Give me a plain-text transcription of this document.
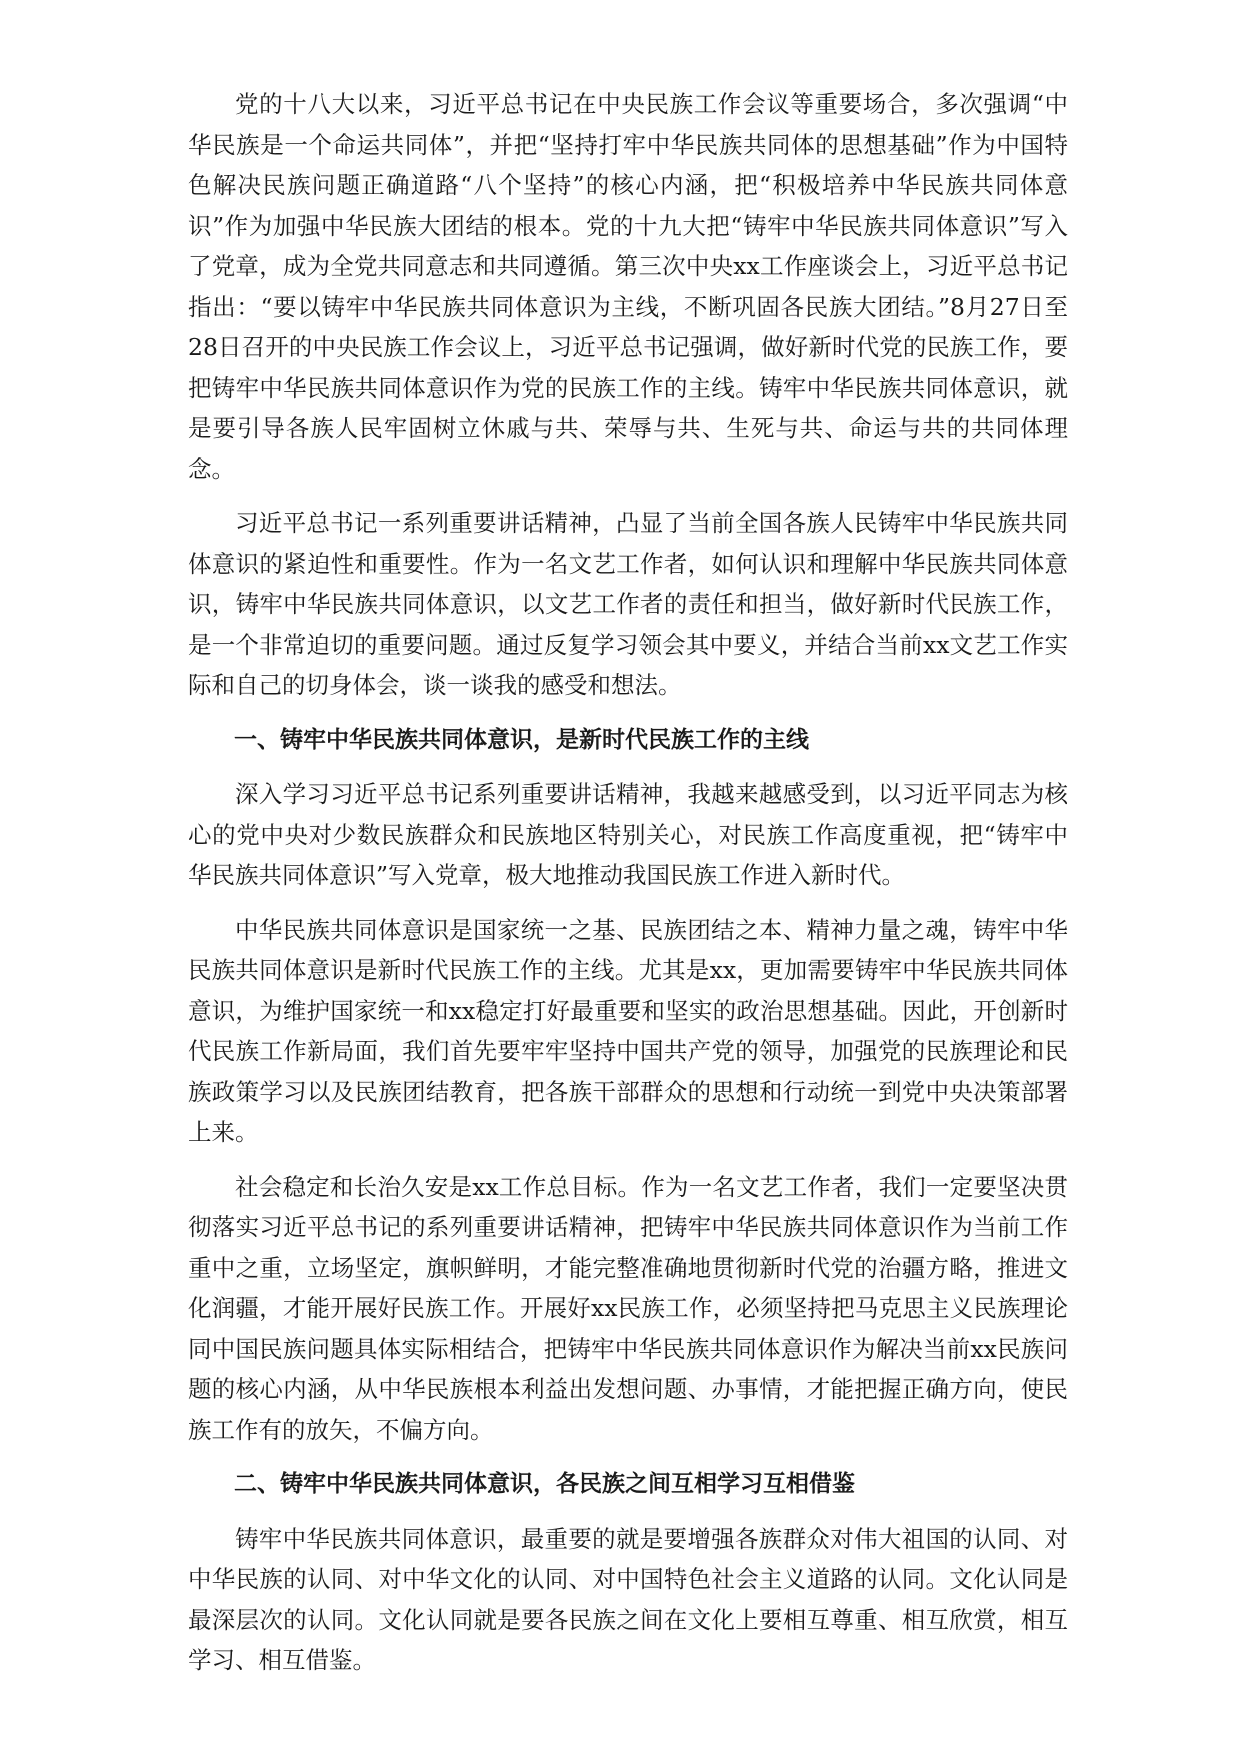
党的十八大以来，习近平总书记在中央民族工作会议等重要场合，多次强调“中华民族是一个命运共同体”，并把“坚持打牢中华民族共同体的思想基础”作为中国特色解决民族问题正确道路“八个坚持”的核心内涵，把“积极培养中华民族共同体意识”作为加强中华民族大团结的根本。党的十九大把“铸牢中华民族共同体意识”写入了党章，成为全党共同意志和共同遵循。第三次中央xx工作座谈会上，习近平总书记指出：“要以铸牢中华民族共同体意识为主线，不断巩固各民族大团结。”8月27日至28日召开的中央民族工作会议上，习近平总书记强调，做好新时代党的民族工作，要把铸牢中华民族共同体意识作为党的民族工作的主线。铸牢中华民族共同体意识，就是要引导各族人民牢固树立休戚与共、荣辱与共、生死与共、命运与共的共同体理念。

习近平总书记一系列重要讲话精神，凸显了当前全国各族人民铸牢中华民族共同体意识的紧迫性和重要性。作为一名文艺工作者，如何认识和理解中华民族共同体意识，铸牢中华民族共同体意识，以文艺工作者的责任和担当，做好新时代民族工作，是一个非常迫切的重要问题。通过反复学习领会其中要义，并结合当前xx文艺工作实际和自己的切身体会，谈一谈我的感受和想法。

一、铸牢中华民族共同体意识，是新时代民族工作的主线

深入学习习近平总书记系列重要讲话精神，我越来越感受到，以习近平同志为核心的党中央对少数民族群众和民族地区特别关心，对民族工作高度重视，把“铸牢中华民族共同体意识”写入党章，极大地推动我国民族工作进入新时代。

中华民族共同体意识是国家统一之基、民族团结之本、精神力量之魂，铸牢中华民族共同体意识是新时代民族工作的主线。尤其是xx，更加需要铸牢中华民族共同体意识，为维护国家统一和xx稳定打好最重要和坚实的政治思想基础。因此，开创新时代民族工作新局面，我们首先要牢牢坚持中国共产党的领导，加强党的民族理论和民族政策学习以及民族团结教育，把各族干部群众的思想和行动统一到党中央决策部署上来。

社会稳定和长治久安是xx工作总目标。作为一名文艺工作者，我们一定要坚决贯彻落实习近平总书记的系列重要讲话精神，把铸牢中华民族共同体意识作为当前工作重中之重，立场坚定，旗帜鲜明，才能完整准确地贯彻新时代党的治疆方略，推进文化润疆，才能开展好民族工作。开展好xx民族工作，必须坚持把马克思主义民族理论同中国民族问题具体实际相结合，把铸牢中华民族共同体意识作为解决当前xx民族问题的核心内涵，从中华民族根本利益出发想问题、办事情，才能把握正确方向，使民族工作有的放矢，不偏方向。

二、铸牢中华民族共同体意识，各民族之间互相学习互相借鉴

铸牢中华民族共同体意识，最重要的就是要增强各族群众对伟大祖国的认同、对中华民族的认同、对中华文化的认同、对中国特色社会主义道路的认同。文化认同是最深层次的认同。文化认同就是要各民族之间在文化上要相互尊重、相互欣赏，相互学习、相互借鉴。
